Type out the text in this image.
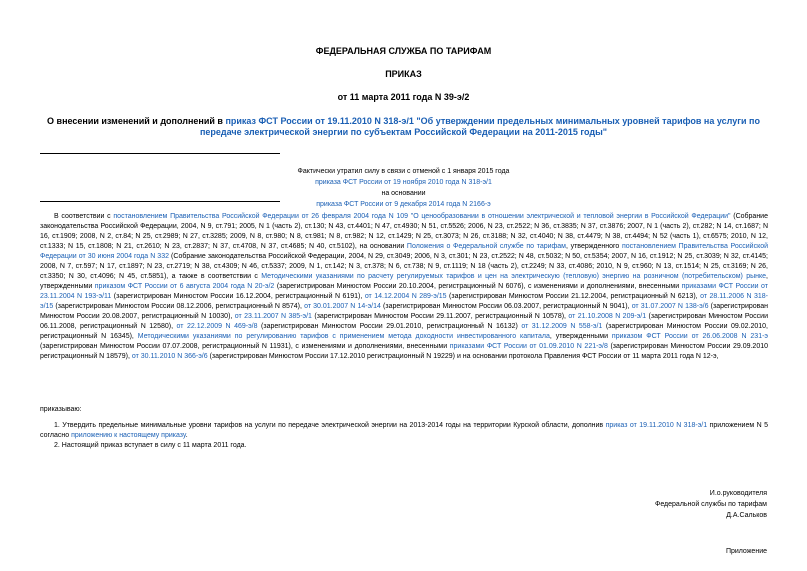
ФЕДЕРАЛЬНАЯ СЛУЖБА ПО ТАРИФАМ
ПРИКАЗ
от 11 марта 2011 года N 39-э/2
О внесении изменений и дополнений в приказ ФСТ России от 19.11.2010 N 318-э/1 "Об утверждении предельных минимальных уровней тарифов на услуги по передаче электрической энергии по субъектам Российской Федерации на 2011-2015 годы"
Фактически утратил силу в связи с отменой с 1 января 2015 года
приказа ФСТ России от 19 ноября 2010 года N 318-э/1
на основании
приказа ФСТ России от 9 декабря 2014 года N 2166-э

В соответствии с постановлением Правительства Российской Федерации от 26 февраля 2004 года N 109 "О ценообразовании в отношении электрической и тепловой энергии в Российской Федерации" (Собрание законодательства Российской Федерации, 2004, N 9, ст.791; 2005, N 1 (часть 2), ст.130; N 43, ст.4401; N 47, ст.4930; N 51, ст.5526; 2006, N 23, ст.2522; N 36, ст.3835; N 37, ст.3876; 2007, N 1 (часть 2), ст.282; N 14, ст.1687; N 16, ст.1909; 2008, N 2, ст.84; N 25, ст.2989; N 27, ст.3285; 2009, N 8, ст.980; N 8, ст.981; N 8, ст.982; N 12, ст.1429; N 25, ст.3073; N 26, ст.3188; N 32, ст.4040; N 38, ст.4479; N 38, ст.4494; N 52 (часть 1), ст.6575; 2010, N 12, ст.1333; N 15, ст.1808; N 21, ст.2610; N 23, ст.2837; N 37, ст.4708, N 37, ст.4685; N 40, ст.5102), на основании Положения о Федеральной службе по тарифам, утвержденного постановлением Правительства Российской Федерации от 30 июня 2004 года N 332 (Собрание законодательства Российской Федерации, 2004, N 29, ст.3049; 2006, N 3, ст.301; N 23, ст.2522; N 48, ст.5032; N 50, ст.5354; 2007, N 16, ст.1912; N 25, ст.3039; N 32, ст.4145; 2008, N 7, ст.597; N 17, ст.1897; N 23, ст.2719; N 38, ст.4309; N 46, ст.5337; 2009, N 1, ст.142; N 3, ст.378; N 6, ст.738; N 9, ст.1119; N 18 (часть 2), ст.2249; N 33, ст.4086; 2010, N 9, ст.960; N 13, ст.1514; N 25, ст.3169; N 26, ст.3350; N 30, ст.4096; N 45, ст.5851), а также в соответствии с Методическими указаниями по расчету регулируемых тарифов и цен на электрическую (тепловую) энергию на розничном (потребительском) рынке, утвержденными приказом ФСТ России от 6 августа 2004 года N 20-э/2 (зарегистрирован Минюстом России 20.10.2004, регистрационный N 6076), с изменениями и дополнениями, внесенными приказами ФСТ России от 23.11.2004 N 193-э/11 (зарегистрирован Минюстом России 16.12.2004, регистрационный N 6191), от 14.12.2004 N 289-э/15 (зарегистрирован Минюстом России 21.12.2004, регистрационный N 6213), от 28.11.2006 N 318-э/15 (зарегистрирован Минюстом России 08.12.2006, регистрационный N 8574), от 30.01.2007 N 14-э/14 (зарегистрирован Минюстом России 06.03.2007, регистрационный N 9041), от 31.07.2007 N 138-э/6 (зарегистрирован Минюстом России 20.08.2007, регистрационный N 10030), от 23.11.2007 N 385-э/1 (зарегистрирован Минюстом России 29.11.2007, регистрационный N 10578), от 21.10.2008 N 209-э/1 (зарегистрирован Минюстом России 06.11.2008, регистрационный N 12580), от 22.12.2009 N 469-э/8 (зарегистрирован Минюстом России 29.01.2010, регистрационный N 16132) от 31.12.2009 N 558-э/1 (зарегистрирован Минюстом России 09.02.2010, регистрационный N 16345), Методическими указаниями по регулированию тарифов с применением метода доходности инвестированного капитала, утвержденными приказом ФСТ России от 26.06.2008 N 231-э (зарегистрирован Минюстом России 07.07.2008, регистрационный N 11931), с изменениями и дополнениями, внесенными приказами ФСТ России от 01.09.2010 N 221-э/8 (зарегистрирован Минюстом России 29.09.2010 регистрационный N 18579), от 30.11.2010 N 366-э/6 (зарегистрирован Минюстом России 17.12.2010 регистрационный N 19229) и на основании протокола Правления ФСТ России от 11 марта 2011 года N 12-э,

приказываю:

1. Утвердить предельные минимальные уровни тарифов на услуги по передаче электрической энергии на 2013-2014 годы на территории Курской области, дополнив приказ от 19.11.2010 N 318-э/1 приложением N 5 согласно приложению к настоящему приказу.

2. Настоящий приказ вступает в силу с 11 марта 2011 года.

И.о.руководителя
Федеральной службы по тарифам
Д.А.Сальков
Приложение
